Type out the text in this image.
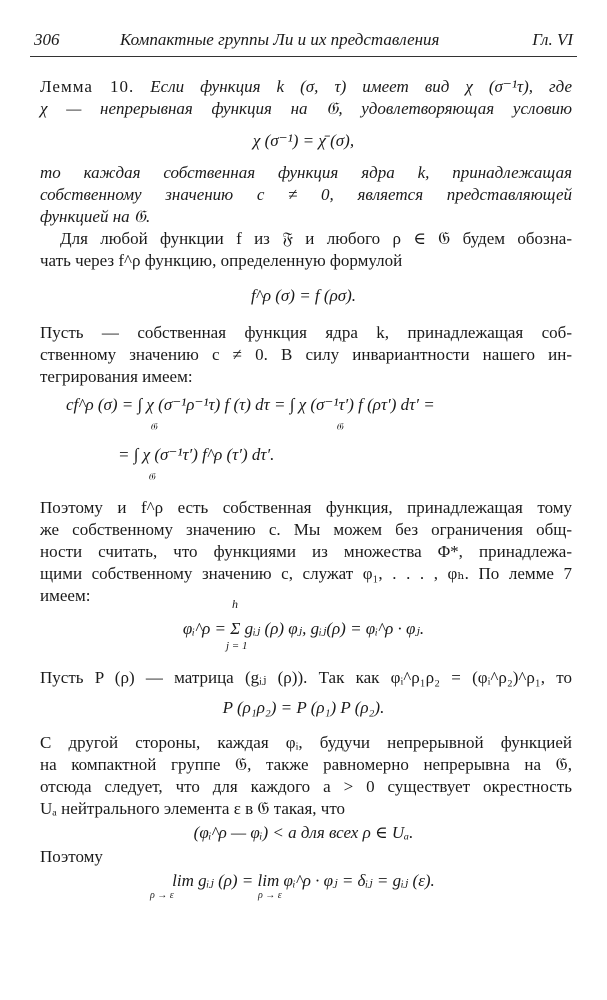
306	Компактные группы Ли и их представления	Гл. VI
Лемма 10. Если функция k (σ, τ) имеет вид χ (σ⁻¹τ), где
χ — непрерывная функция на 𝔊, удовлетворяющая условию
χ (σ⁻¹) = χ̄ (σ),
то каждая собственная функция ядра k, принадлежащая
собственному значению c ≠ 0, является представляющей
функцией на 𝔊.
Для любой функции f из 𝔉 и любого ρ ∈ 𝔊 будем обозна-
чать через f^ρ функцию, определенную формулой
f^ρ (σ) = f (ρσ).
Пусть — собственная функция ядра k, принадлежащая соб-
ственному значению c ≠ 0. В силу инвариантности нашего ин-
тегрирования имеем:
cf^ρ (σ) = ∫ χ (σ⁻¹ρ⁻¹τ) f (τ) dτ = ∫ χ (σ⁻¹τ′) f (ρτ′) dτ′ =
𝔊	𝔊
= ∫ χ (σ⁻¹τ′) f^ρ (τ′) dτ′.
𝔊
Поэтому и f^ρ есть собственная функция, принадлежащая тому
же собственному значению c. Мы можем без ограничения общ-
ности считать, что функциями из множества Φ*, принадлежа-
щими собственному значению c, служат φ₁, . . . , φₕ. По лемме 7
имеем:	h
φᵢ^ρ = Σ gᵢⱼ (ρ) φⱼ, gᵢⱼ(ρ) = φᵢ^ρ · φⱼ.
j = 1
Пусть P (ρ) — матрица (gᵢⱼ (ρ)). Так как φᵢ^ρ₁ρ₂ = (φᵢ^ρ₂)^ρ₁, то
P (ρ₁ρ₂) = P (ρ₁) P (ρ₂).
С другой стороны, каждая φᵢ, будучи непрерывной функцией
на компактной группе 𝔊, также равномерно непрерывна на 𝔊,
отсюда следует, что для каждого a > 0 существует окрестность
Uₐ нейтрального элемента ε в 𝔊 такая, что
(φᵢ^ρ — φᵢ) < a для всех ρ ∈ Uₐ.
Поэтому
lim gᵢⱼ (ρ) = lim φᵢ^ρ · φⱼ = δᵢⱼ = gᵢⱼ (ε).
ρ → ε	ρ → ε
